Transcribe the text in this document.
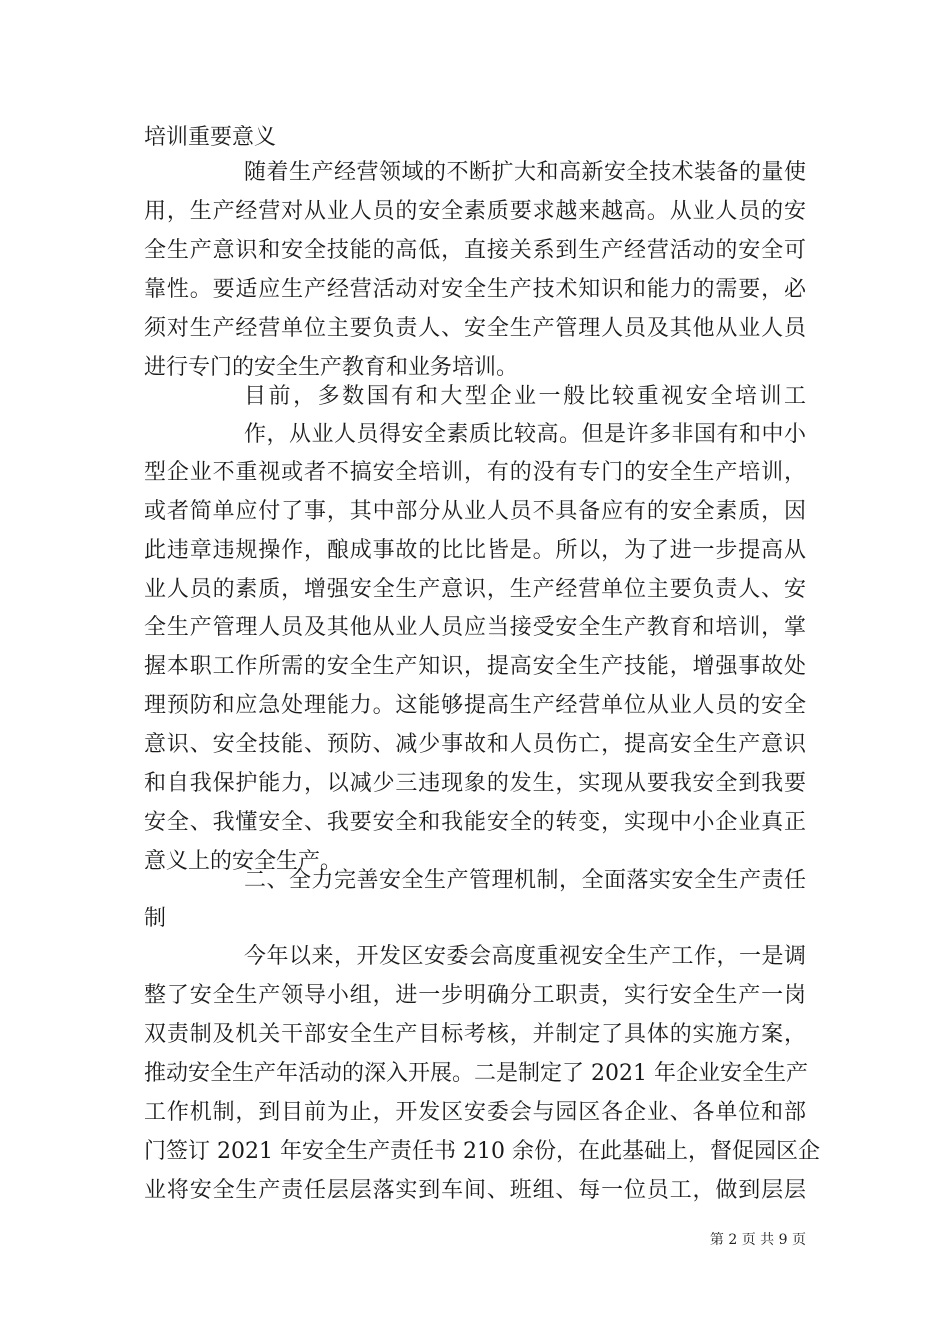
培训重要意义
随着生产经营领域的不断扩大和高新安全技术装备的量使
用，生产经营对从业人员的安全素质要求越来越高。从业人员的安
全生产意识和安全技能的高低，直接关系到生产经营活动的安全可
靠性。要适应生产经营活动对安全生产技术知识和能力的需要，必
须对生产经营单位主要负责人、安全生产管理人员及其他从业人员
进行专门的安全生产教育和业务培训。
目前，多数国有和大型企业一般比较重视安全培训工
作，从业人员得安全素质比较高。但是许多非国有和中小
型企业不重视或者不搞安全培训，有的没有专门的安全生产培训，
或者简单应付了事，其中部分从业人员不具备应有的安全素质，因
此违章违规操作，酿成事故的比比皆是。所以，为了进一步提高从
业人员的素质，增强安全生产意识，生产经营单位主要负责人、安
全生产管理人员及其他从业人员应当接受安全生产教育和培训，掌
握本职工作所需的安全生产知识，提高安全生产技能，增强事故处
理预防和应急处理能力。这能够提高生产经营单位从业人员的安全
意识、安全技能、预防、减少事故和人员伤亡，提高安全生产意识
和自我保护能力，以减少三违现象的发生，实现从要我安全到我要
安全、我懂安全、我要安全和我能安全的转变，实现中小企业真正
意义上的安全生产。
二、全力完善安全生产管理机制，全面落实安全生产责任
制
今年以来，开发区安委会高度重视安全生产工作，一是调
整了安全生产领导小组，进一步明确分工职责，实行安全生产一岗
双责制及机关干部安全生产目标考核，并制定了具体的实施方案，
推动安全生产年活动的深入开展。二是制定了 2021 年企业安全生产
工作机制，到目前为止，开发区安委会与园区各企业、各单位和部
门签订 2021 年安全生产责任书 210 余份，在此基础上，督促园区企
业将安全生产责任层层落实到车间、班组、每一位员工，做到层层
第 2 页 共 9 页
